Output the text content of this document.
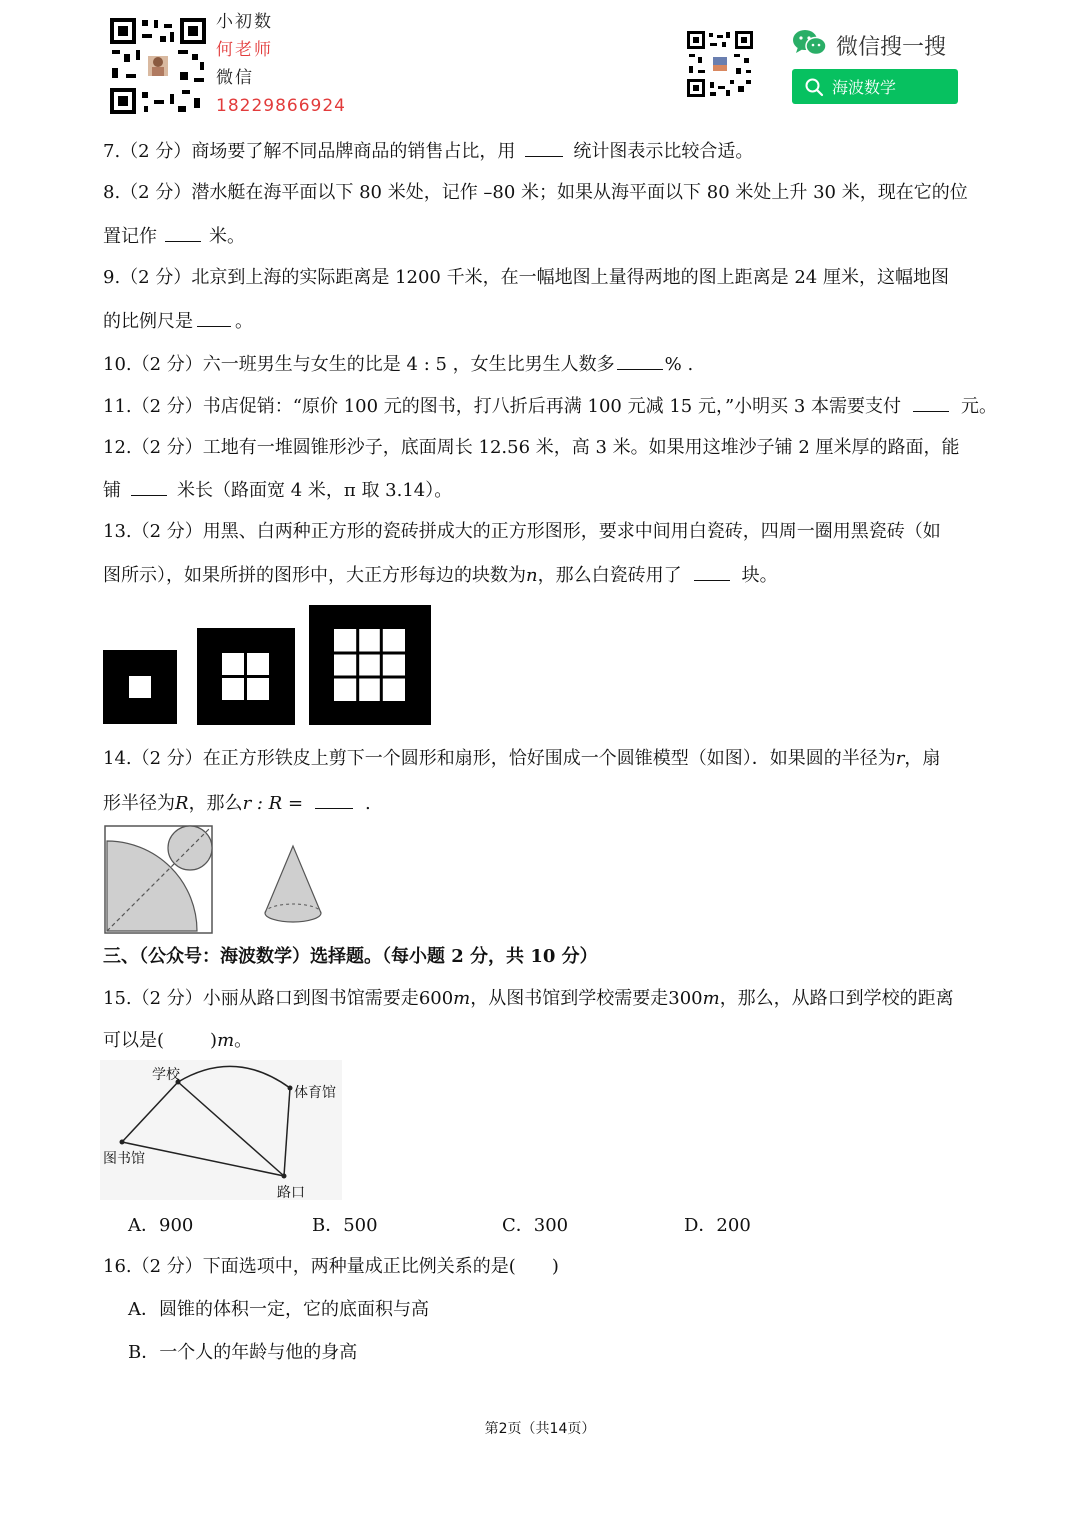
小初数
何老师
微信
18229866924
微信搜一搜
海波数学
7.（2 分）商场要了解不同品牌商品的销售占比，用	统计图表示比较合适。
8.（2 分）潜水艇在海平面以下 80 米处，记作 –80 米；如果从海平面以下 80 米处上升 30 米，现在它的位
置记作	米。
9.（2 分）北京到上海的实际距离是 1200 千米，在一幅地图上量得两地的图上距离是 24 厘米，这幅地图
的比例尺是 。
10.（2 分）六一班男生与女生的比是 4 : 5 ，女生比男生人数多	% .
11.（2 分）书店促销：“原价 100 元的图书，打八折后再满 100 元减 15 元，”小明买 3 本需要支付	元。
12.（2 分）工地有一堆圆锥形沙子，底面周长 12.56 米，高 3 米。如果用这堆沙子铺 2 厘米厚的路面，能
铺	米长（路面宽 4 米，π 取 3.14）。
13.（2 分）用黑、白两种正方形的瓷砖拼成大的正方形图形，要求中间用白瓷砖，四周一圈用黑瓷砖（如
图所示），如果所拼的图形中，大正方形每边的块数为n，那么白瓷砖用了	块。
14.（2 分）在正方形铁皮上剪下一个圆形和扇形，恰好围成一个圆锥模型（如图）．如果圆的半径为r，扇
形半径为R，那么r : R =	.
三、（公众号：海波数学）选择题。（每小题 2 分，共 10 分）
15.（2 分）小丽从路口到图书馆需要走600m，从图书馆到学校需要走300m，那么，从路口到学校的距离
可以是(	)m。
学校
体育馆
图书馆
路口
A．900	B．500	C．300	D．200
16.（2 分）下面选项中，两种量成正比例关系的是(　　)
A．圆锥的体积一定，它的底面积与高
B．一个人的年龄与他的身高
第2页（共14页）
